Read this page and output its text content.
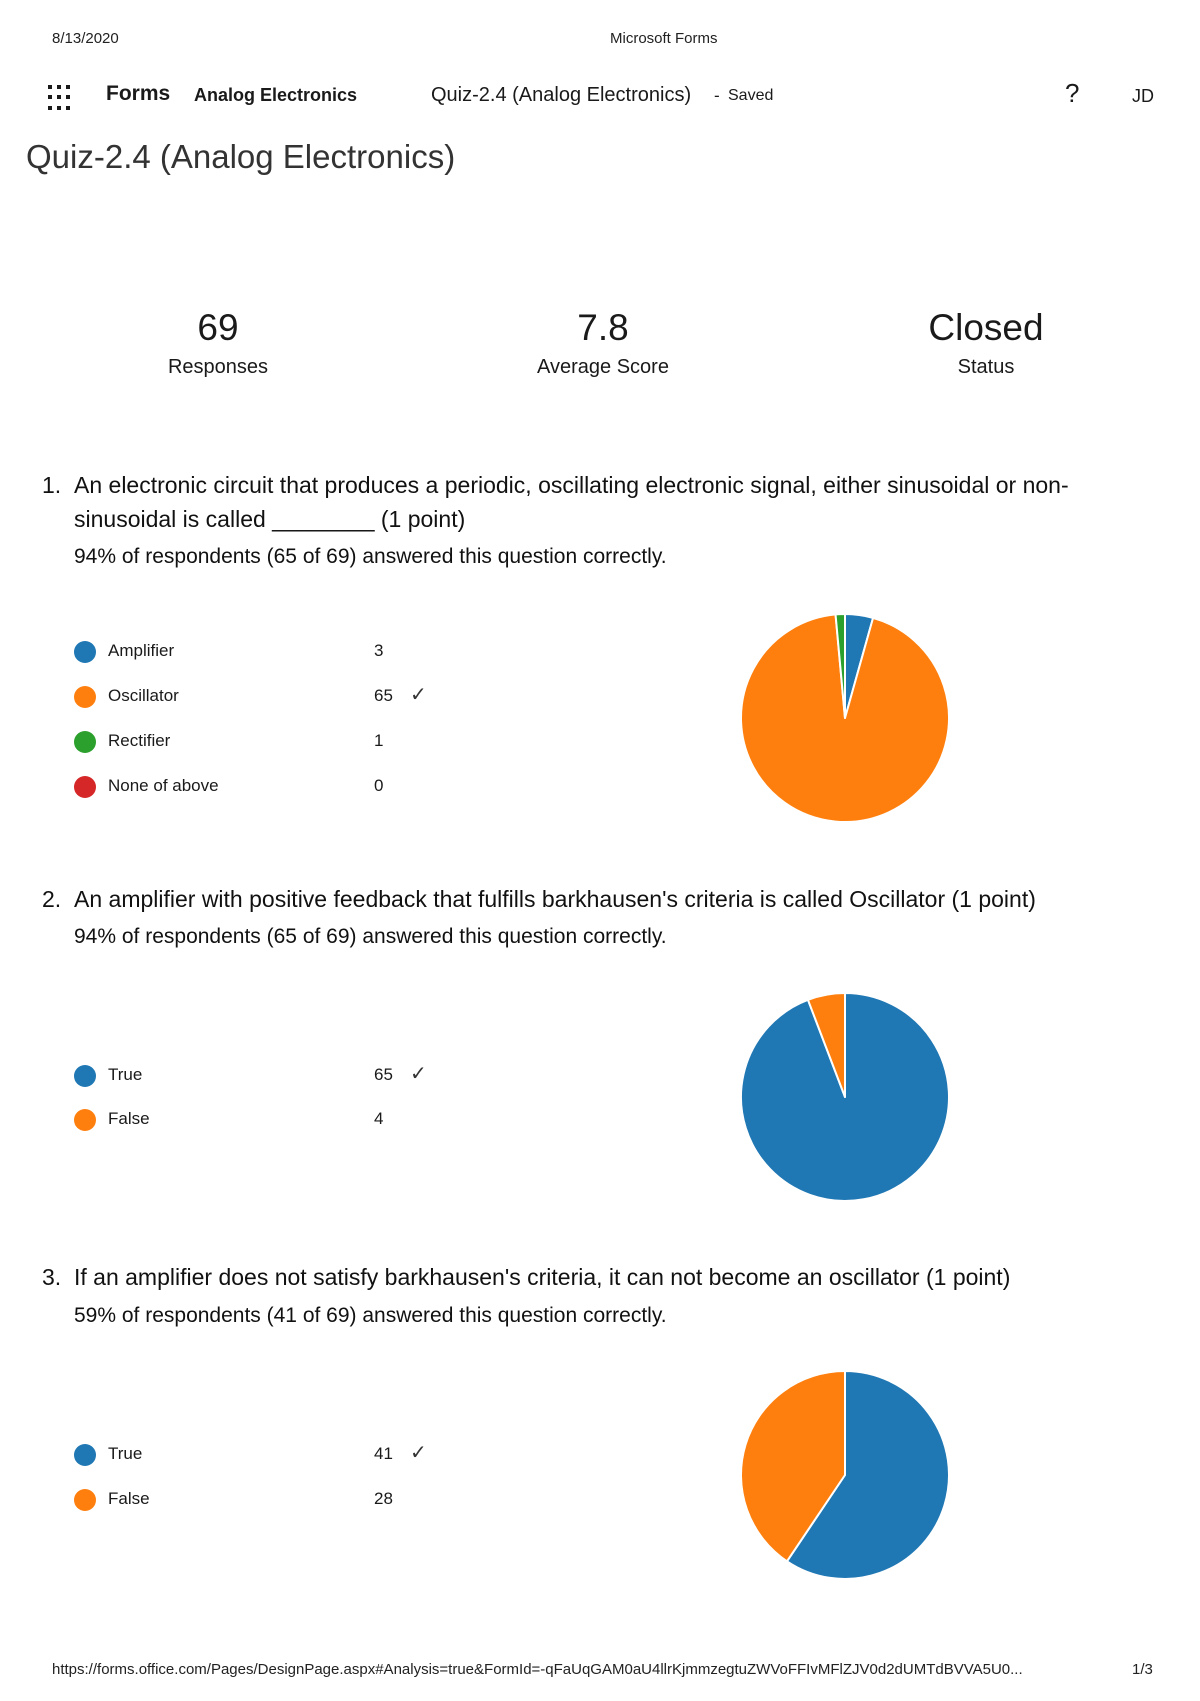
8/13/2020	Microsoft Forms
Forms Analog Electronics	Quiz-2.4 (Analog Electronics) - Saved	?	JD
Quiz-2.4 (Analog Electronics)
69
Responses
7.8
Average Score
Closed
Status
1. An electronic circuit that produces a periodic, oscillating electronic signal, either sinusoidal or non-sinusoidal is called ________ (1 point)
94% of respondents (65 of 69) answered this question correctly.
Amplifier	3
Oscillator	65 ✓
Rectifier	1
None of above	0
2. An amplifier with positive feedback that fulfills barkhausen's criteria is called Oscillator (1 point)
94% of respondents (65 of 69) answered this question correctly.
True	65 ✓
False	4
3. If an amplifier does not satisfy barkhausen's criteria, it can not become an oscillator (1 point)
59% of respondents (41 of 69) answered this question correctly.
True	41 ✓
False	28
https://forms.office.com/Pages/DesignPage.aspx#Analysis=true&FormId=-qFaUqGAM0aU4llrKjmmzegtuZWVoFFIvMFlZJV0d2dUMTdBVVA5U0...	1/3
